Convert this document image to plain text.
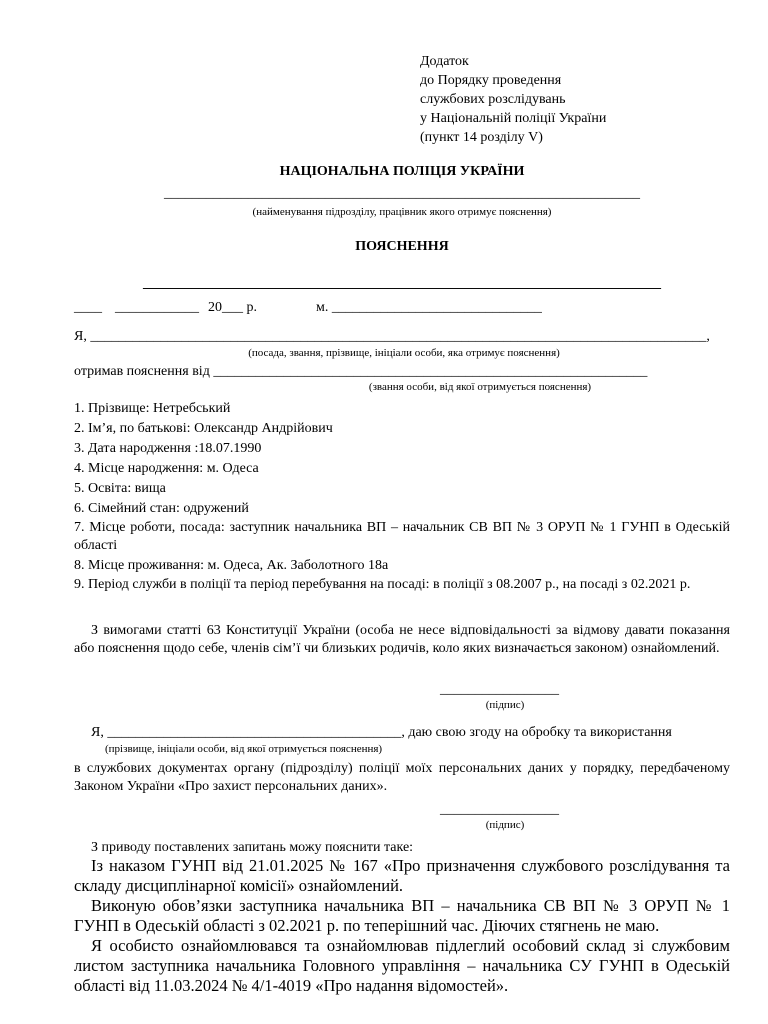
Додаток
до Порядку проведення
службових розслідувань
у Національній поліції України
(пункт 14 розділу V)
НАЦІОНАЛЬНА ПОЛІЦІЯ УКРАЇНИ
____________________________________________________________________
(найменування підрозділу, працівник якого отримує пояснення)
ПОЯСНЕННЯ
__________________________________________________________________________
____ ____________ 20___ р.	м. ______________________________
Я, ________________________________________________________________________________________,
(посада, звання, прізвище, ініціали особи, яка отримує пояснення)
отримав пояснення від ______________________________________________________________
(звання особи, від якої отримується пояснення)
1. Прізвище: Нетребський
2. Ім’я, по батькові: Олександр Андрійович
3. Дата народження :18.07.1990
4. Місце народження: м. Одеса
5. Освіта: вища
6. Сімейний стан: одружений
7. Місце роботи, посада: заступник начальника ВП – начальник СВ ВП № 3 ОРУП № 1 ГУНП в Одеській області
8. Місце проживання: м. Одеса, Ак. Заболотного 18а
9. Період служби в поліції та період перебування на посаді: в поліції з 08.2007 р., на посаді з 02.2021 р.
З вимогами статті 63 Конституції України (особа не несе відповідальності за відмову давати показання або пояснення щодо себе, членів сім’ї чи близьких родичів, коло яких визначається законом) ознайомлений.
_________________
(підпис)
Я, __________________________________________, даю свою згоду на обробку та використання
(прізвище, ініціали особи, від якої отримується пояснення)
в службових документах органу (підрозділу) поліції моїх персональних даних у порядку, передбаченому Законом України «Про захист персональних даних».
_________________
(підпис)
З приводу поставлених запитань можу пояснити таке:
Із наказом ГУНП від 21.01.2025 № 167 «Про призначення службового розслідування та складу дисциплінарної комісії» ознайомлений.
Виконую обов’язки заступника начальника ВП – начальника СВ ВП № 3 ОРУП № 1 ГУНП в Одеській області з 02.2021 р. по теперішний час. Діючих стягнень не маю.
Я особисто ознайомлювався та ознайомлював підлеглий особовий склад зі службовим листом заступника начальника Головного управління – начальника СУ ГУНП в Одеській області від 11.03.2024 № 4/1-4019 «Про надання відомостей».
